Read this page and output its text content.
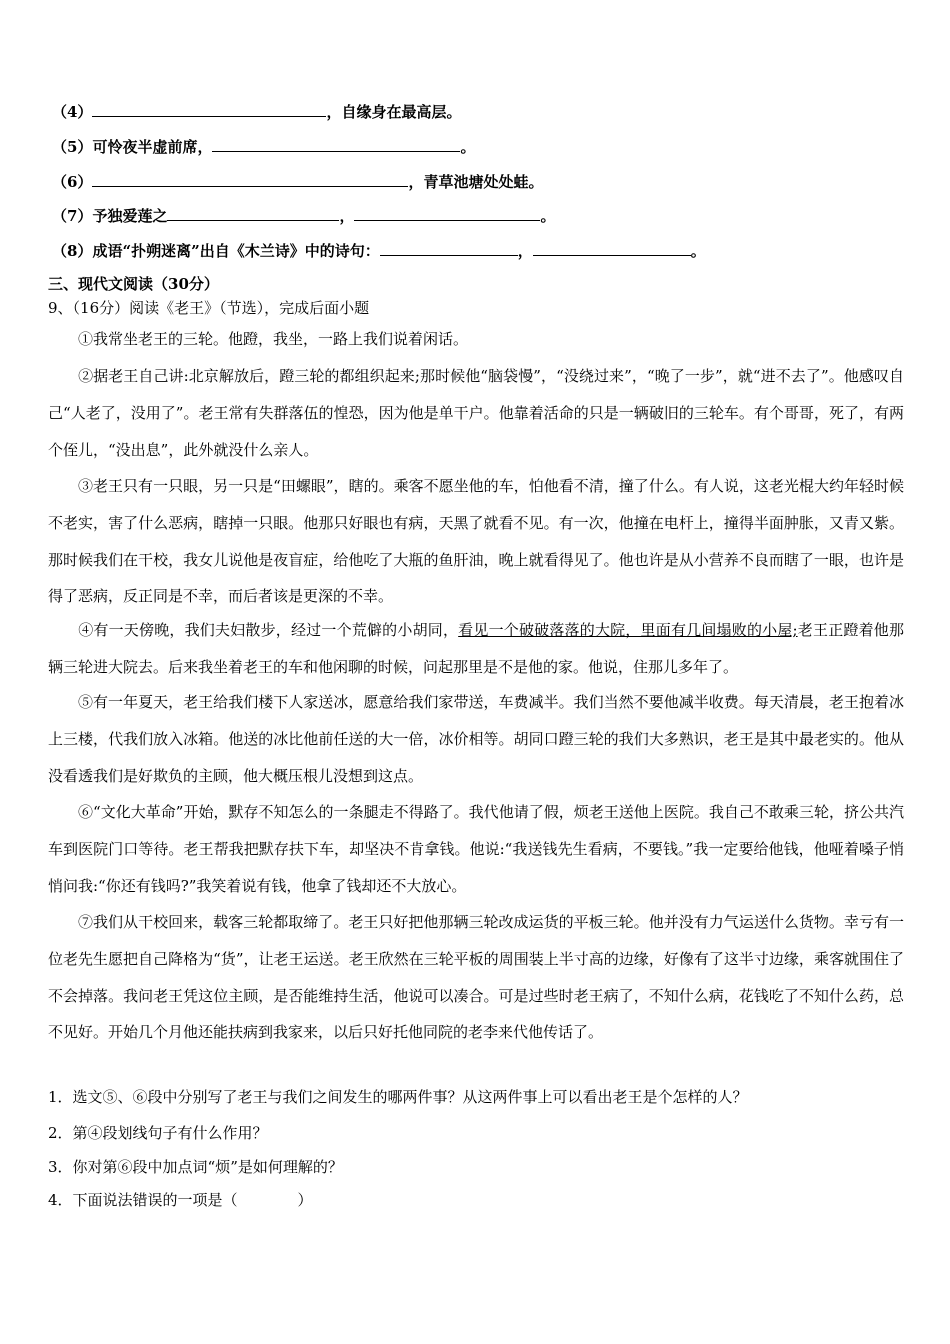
（4）	，自缘身在最高层。
（5）可怜夜半虚前席，	。
（6）	，青草池塘处处蛙。
（7）予独爱莲之	，	。
（8）成语“扑朔迷离”出自《木兰诗》中的诗句：	，	。
三、现代文阅读（30分）
9、（16分）阅读《老王》（节选），完成后面小题
①我常坐老王的三轮。他蹬，我坐，一路上我们说着闲话。
②据老王自己讲:北京解放后，蹬三轮的都组织起来;那时候他“脑袋慢”，“没绕过来”，“晚了一步”，就“进不去了”。他感叹自己“人老了，没用了”。老王常有失群落伍的惶恐，因为他是单干户。他靠着活命的只是一辆破旧的三轮车。有个哥哥，死了，有两个侄儿，“没出息”，此外就没什么亲人。
③老王只有一只眼，另一只是“田螺眼”，瞎的。乘客不愿坐他的车，怕他看不清，撞了什么。有人说，这老光棍大约年轻时候不老实，害了什么恶病，瞎掉一只眼。他那只好眼也有病，天黑了就看不见。有一次，他撞在电杆上，撞得半面肿胀，又青又紫。那时候我们在干校，我女儿说他是夜盲症，给他吃了大瓶的鱼肝油，晚上就看得见了。他也许是从小营养不良而瞎了一眼，也许是得了恶病，反正同是不幸，而后者该是更深的不幸。
④有一天傍晚，我们夫妇散步，经过一个荒僻的小胡同，看见一个破破落落的大院，里面有几间塌败的小屋;老王正蹬着他那辆三轮进大院去。后来我坐着老王的车和他闲聊的时候，问起那里是不是他的家。他说，住那儿多年了。
⑤有一年夏天，老王给我们楼下人家送冰，愿意给我们家带送，车费减半。我们当然不要他减半收费。每天清晨，老王抱着冰上三楼，代我们放入冰箱。他送的冰比他前任送的大一倍，冰价相等。胡同口蹬三轮的我们大多熟识，老王是其中最老实的。他从没看透我们是好欺负的主顾，他大概压根儿没想到这点。
⑥“文化大革命”开始，默存不知怎么的一条腿走不得路了。我代他请了假，烦老王送他上医院。我自己不敢乘三轮，挤公共汽车到医院门口等待。老王帮我把默存扶下车，却坚决不肯拿钱。他说:“我送钱先生看病，不要钱。”我一定要给他钱，他哑着嗓子悄悄问我:“你还有钱吗?”我笑着说有钱，他拿了钱却还不大放心。
⑦我们从干校回来，载客三轮都取缔了。老王只好把他那辆三轮改成运货的平板三轮。他并没有力气运送什么货物。幸亏有一位老先生愿把自己降格为“货”，让老王运送。老王欣然在三轮平板的周围装上半寸高的边缘，好像有了这半寸边缘，乘客就围住了不会掉落。我问老王凭这位主顾，是否能维持生活，他说可以凑合。可是过些时老王病了，不知什么病，花钱吃了不知什么药，总不见好。开始几个月他还能扶病到我家来，以后只好托他同院的老李来代他传话了。
1．选文⑤、⑥段中分别写了老王与我们之间发生的哪两件事？从这两件事上可以看出老王是个怎样的人？
2．第④段划线句子有什么作用？
3．你对第⑥段中加点词“烦”是如何理解的？
4．下面说法错误的一项是（　　　　）
